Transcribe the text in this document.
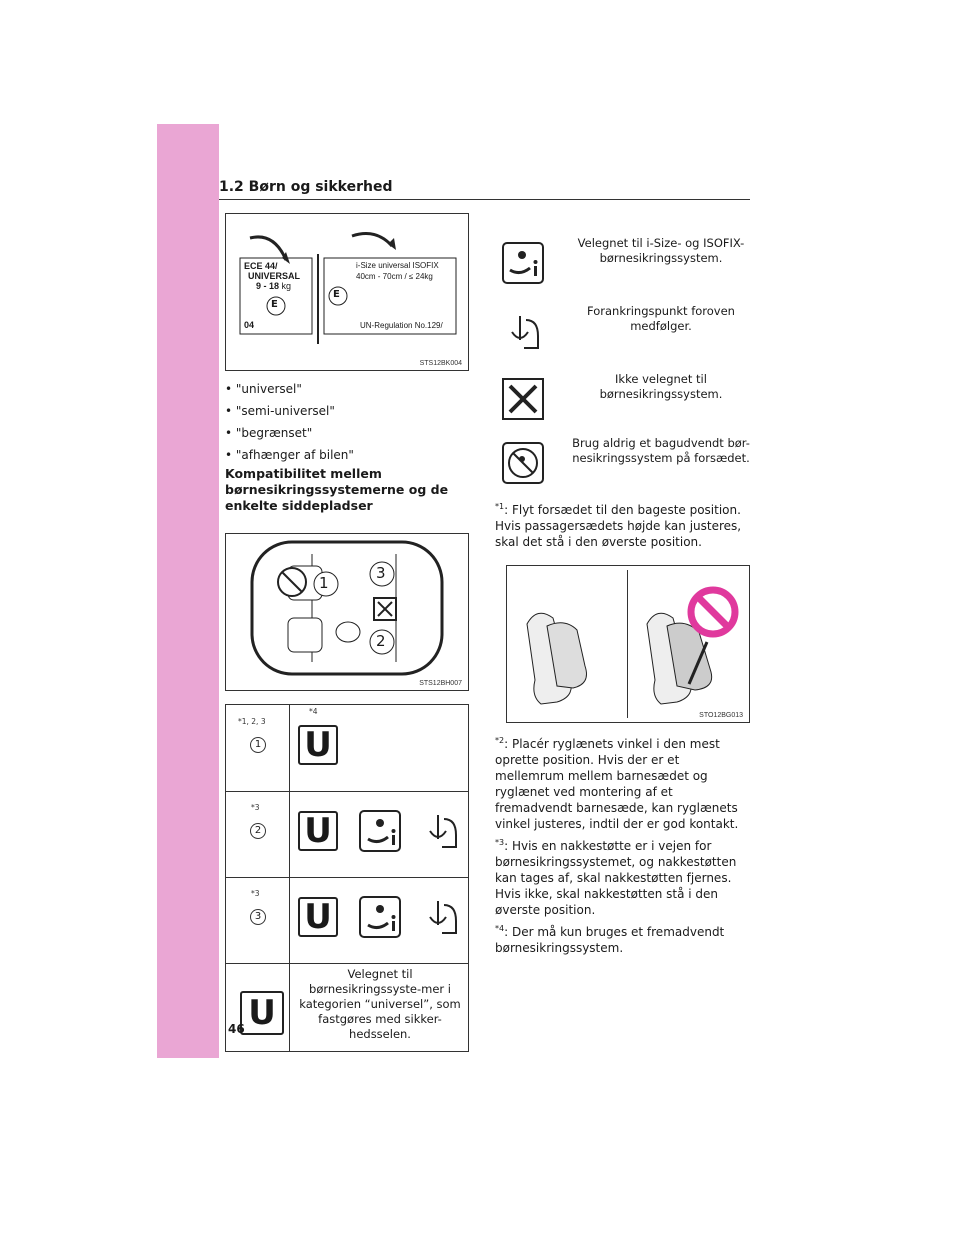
1.2 Børn og sikkerhed
ECE 44/
UNIVERSAL
9 - 18 kg
E
04
i-Size universal ISOFIX
40cm - 70cm / ≤ 24kg
E
UN-Regulation No.129/
STS12BK004
• "universel"
• "semi-universel"
• "begrænset"
• "afhænger af bilen"
Kompatibilitet mellem børnesikringssystemerne og de enkelte siddepladser
1
3
2
STS12BH007
*1, 2, 3
1
*4
U
*3
2 U
*3
3 U
U
Velegnet til børnesikringssyste-mer i kategorien “universel”, som fastgøres med sikker-hedsselen.
Velegnet til i-Size- og ISOFIX-børnesikringssystem.
Forankringspunkt foroven medfølger.
Ikke velegnet til børnesikringssystem.
Brug aldrig et bagudvendt bør-nesikringssystem på forsædet.
$^{*1}$: Flyt forsædet til den bageste position. Hvis passagersædets højde kan justeres, skal det stå i den øverste position.
STO12BG013
$^{*2}$: Placér ryglænets vinkel i den mest oprette position. Hvis der er et mellemrum mellem barnesædet og ryglænet ved montering af et fremadvendt barnesæde, kan ryglænets vinkel justeres, indtil der er god kontakt.
$^{*3}$: Hvis en nakkestøtte er i vejen for børnesikringssystemet, og nakkestøtten kan tages af, skal nakkestøtten fjernes. Hvis ikke, skal nakkestøtten stå i den øverste position.
$^{*4}$: Der må kun bruges et fremadvendt børnesikringssystem.
46
